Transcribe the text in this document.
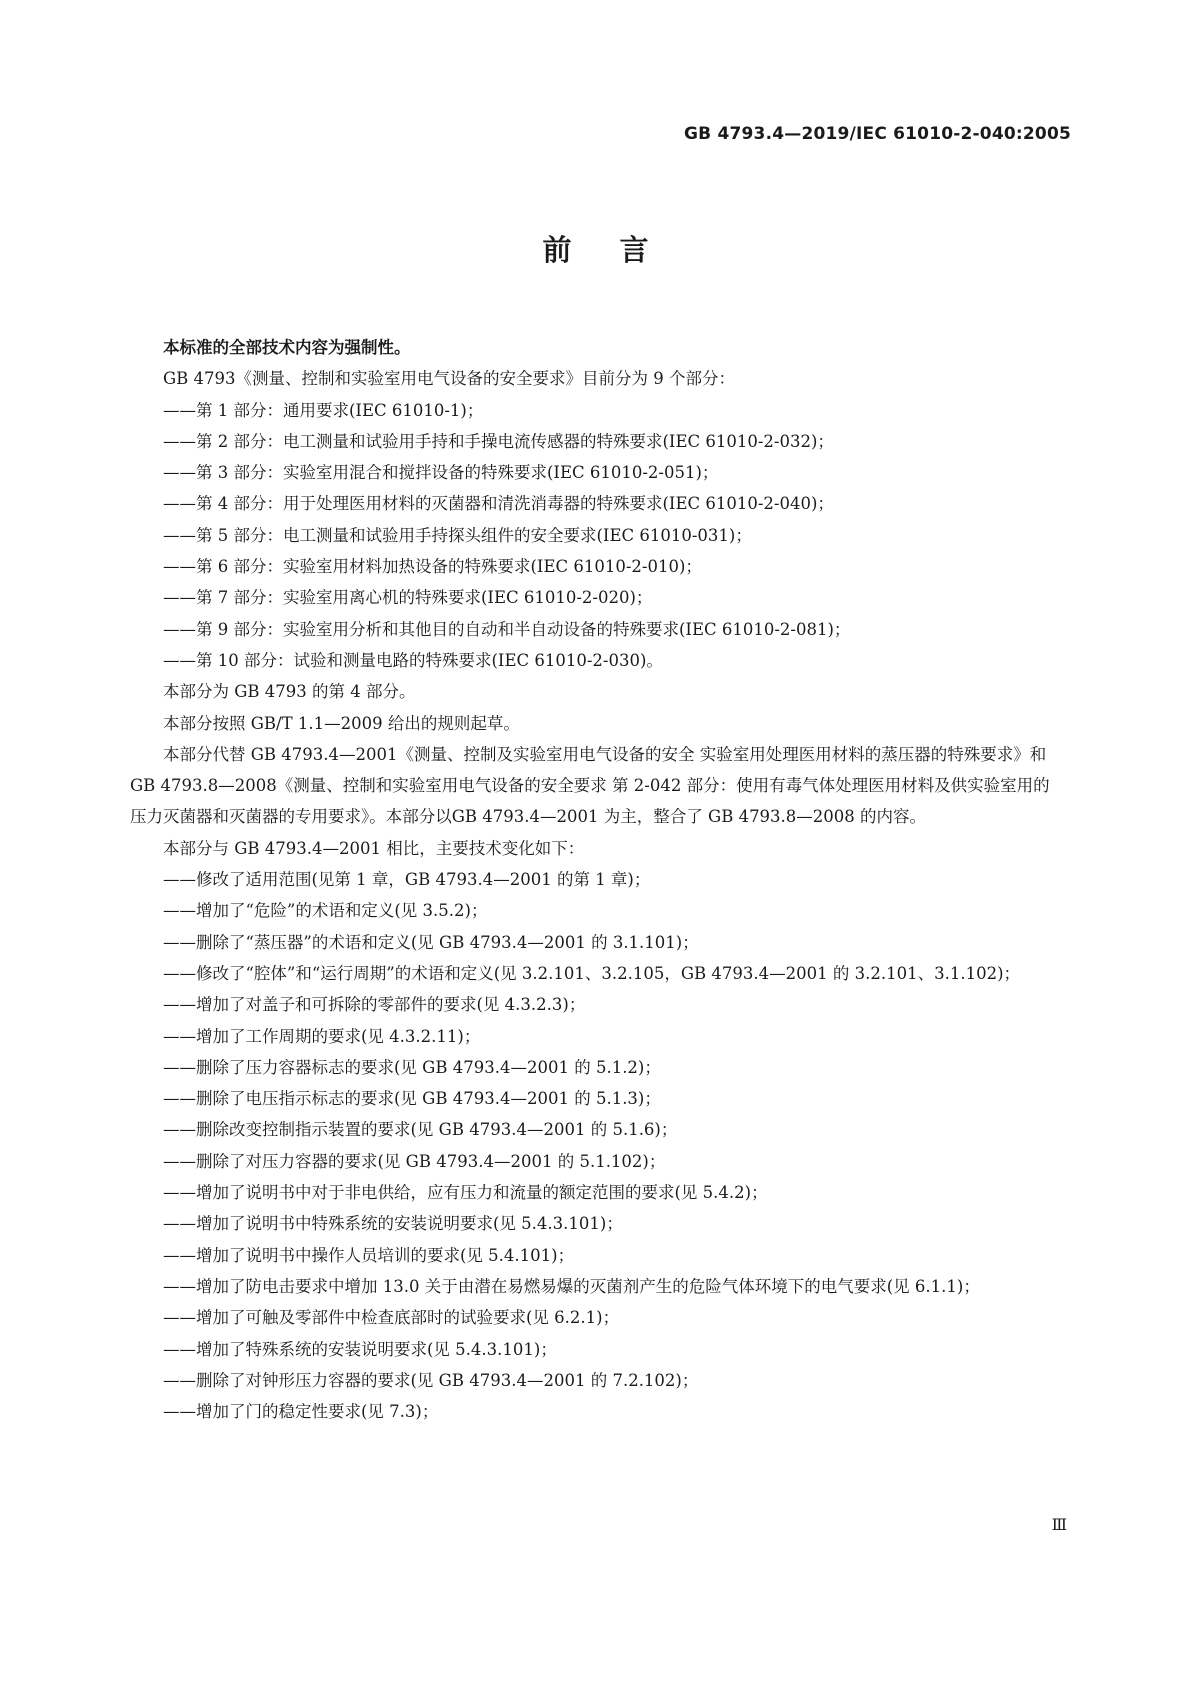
GB 4793.4—2019/IEC 61010-2-040:2005
前言

本标准的全部技术内容为强制性。

GB 4793《测量、控制和实验室用电气设备的安全要求》目前分为 9 个部分：

——第 1 部分：通用要求(IEC 61010-1)；

——第 2 部分：电工测量和试验用手持和手操电流传感器的特殊要求(IEC 61010-2-032)；

——第 3 部分：实验室用混合和搅拌设备的特殊要求(IEC 61010-2-051)；

——第 4 部分：用于处理医用材料的灭菌器和清洗消毒器的特殊要求(IEC 61010-2-040)；

——第 5 部分：电工测量和试验用手持探头组件的安全要求(IEC 61010-031)；

——第 6 部分：实验室用材料加热设备的特殊要求(IEC 61010-2-010)；

——第 7 部分：实验室用离心机的特殊要求(IEC 61010-2-020)；

——第 9 部分：实验室用分析和其他目的自动和半自动设备的特殊要求(IEC 61010-2-081)；

——第 10 部分：试验和测量电路的特殊要求(IEC 61010-2-030)。

本部分为 GB 4793 的第 4 部分。

本部分按照 GB/T 1.1—2009 给出的规则起草。

本部分代替 GB 4793.4—2001《测量、控制及实验室用电气设备的安全 实验室用处理医用材料的蒸压器的特殊要求》和 GB 4793.8—2008《测量、控制和实验室用电气设备的安全要求 第 2-042 部分：使用有毒气体处理医用材料及供实验室用的压力灭菌器和灭菌器的专用要求》。本部分以GB 4793.4—2001 为主，整合了 GB 4793.8—2008 的内容。

本部分与 GB 4793.4—2001 相比，主要技术变化如下：

——修改了适用范围(见第 1 章，GB 4793.4—2001 的第 1 章)；

——增加了“危险”的术语和定义(见 3.5.2)；

——删除了“蒸压器”的术语和定义(见 GB 4793.4—2001 的 3.1.101)；

——修改了“腔体”和“运行周期”的术语和定义(见 3.2.101、3.2.105，GB 4793.4—2001 的 3.2.101、3.1.102)；

——增加了对盖子和可拆除的零部件的要求(见 4.3.2.3)；

——增加了工作周期的要求(见 4.3.2.11)；

——删除了压力容器标志的要求(见 GB 4793.4—2001 的 5.1.2)；

——删除了电压指示标志的要求(见 GB 4793.4—2001 的 5.1.3)；

——删除改变控制指示装置的要求(见 GB 4793.4—2001 的 5.1.6)；

——删除了对压力容器的要求(见 GB 4793.4—2001 的 5.1.102)；

——增加了说明书中对于非电供给，应有压力和流量的额定范围的要求(见 5.4.2)；

——增加了说明书中特殊系统的安装说明要求(见 5.4.3.101)；

——增加了说明书中操作人员培训的要求(见 5.4.101)；

——增加了防电击要求中增加 13.0 关于由潜在易燃易爆的灭菌剂产生的危险气体环境下的电气要求(见 6.1.1)；

——增加了可触及零部件中检查底部时的试验要求(见 6.2.1)；

——增加了特殊系统的安装说明要求(见 5.4.3.101)；

——删除了对钟形压力容器的要求(见 GB 4793.4—2001 的 7.2.102)；

——增加了门的稳定性要求(见 7.3)；

Ⅲ
